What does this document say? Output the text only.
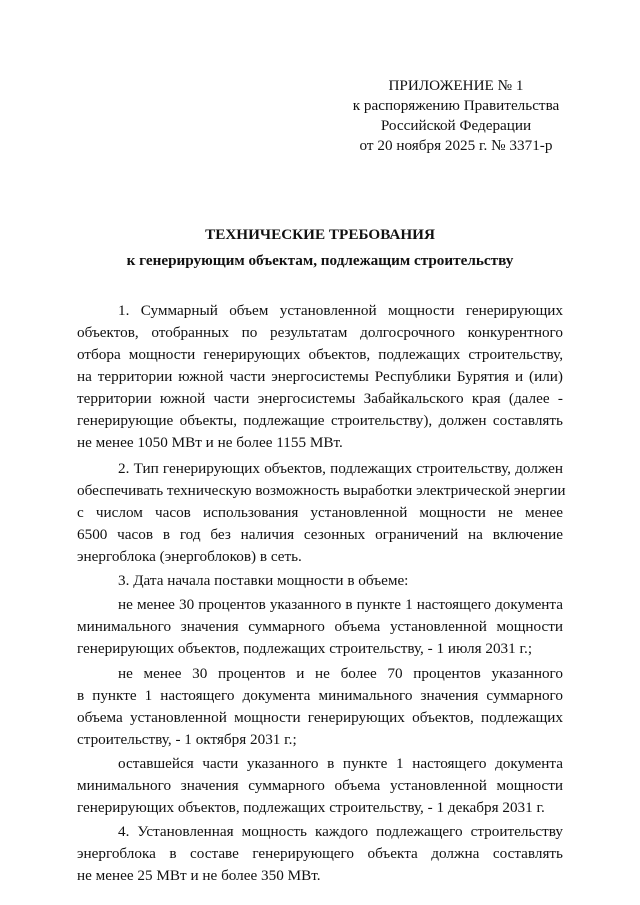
ПРИЛОЖЕНИЕ № 1
к распоряжению Правительства
Российской Федерации
от 20 ноября 2025 г. № 3371-р
ТЕХНИЧЕСКИЕ ТРЕБОВАНИЯ
к генерирующим объектам, подлежащим строительству
1. Суммарный объем установленной мощности генерирующих
объектов, отобранных по результатам долгосрочного конкурентного
отбора мощности генерирующих объектов, подлежащих строительству,
на территории южной части энергосистемы Республики Бурятия и (или)
территории южной части энергосистемы Забайкальского края (далее -
генерирующие объекты, подлежащие строительству), должен составлять
не менее 1050 МВт и не более 1155 МВт.
2. Тип генерирующих объектов, подлежащих строительству, должен
обеспечивать техническую возможность выработки электрической энергии
с числом часов использования установленной мощности не менее
6500 часов в год без наличия сезонных ограничений на включение
энергоблока (энергоблоков) в сеть.
3. Дата начала поставки мощности в объеме:
не менее 30 процентов указанного в пункте 1 настоящего документа
минимального значения суммарного объема установленной мощности
генерирующих объектов, подлежащих строительству, - 1 июля 2031 г.;
не менее 30 процентов и не более 70 процентов указанного
в пункте 1 настоящего документа минимального значения суммарного
объема установленной мощности генерирующих объектов, подлежащих
строительству, - 1 октября 2031 г.;
оставшейся части указанного в пункте 1 настоящего документа
минимального значения суммарного объема установленной мощности
генерирующих объектов, подлежащих строительству, - 1 декабря 2031 г.
4. Установленная мощность каждого подлежащего строительству
энергоблока в составе генерирующего объекта должна составлять
не менее 25 МВт и не более 350 МВт.
